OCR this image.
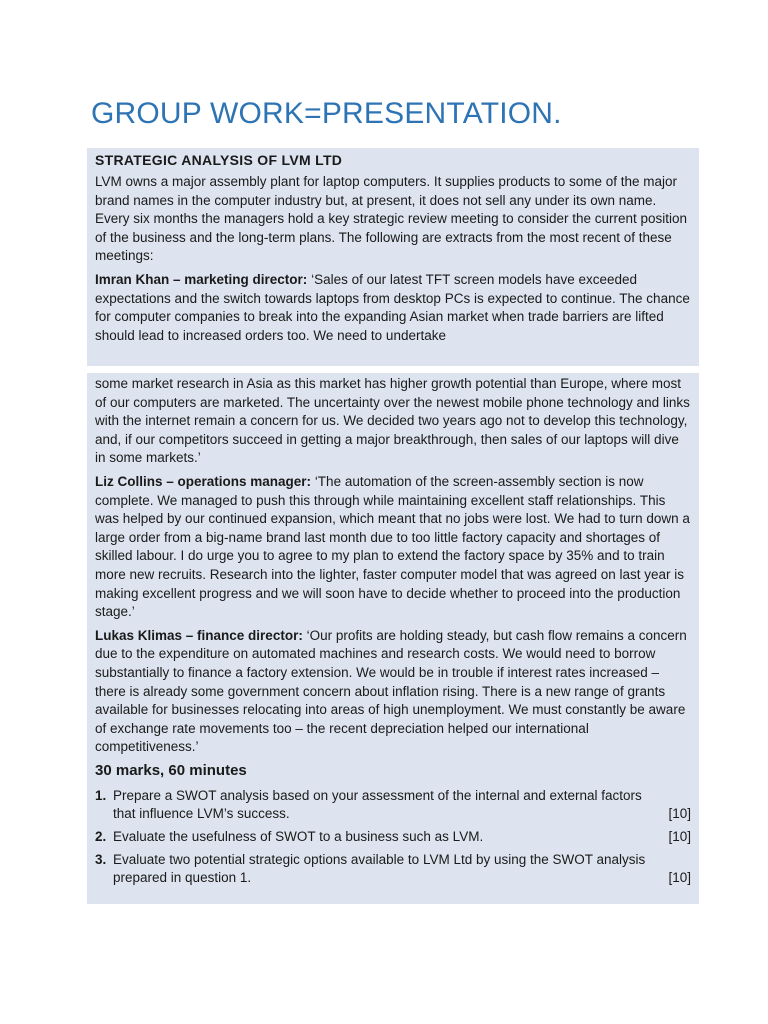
GROUP WORK=PRESENTATION.
STRATEGIC ANALYSIS OF LVM LTD

LVM owns a major assembly plant for laptop computers. It supplies products to some of the major brand names in the computer industry but, at present, it does not sell any under its own name. Every six months the managers hold a key strategic review meeting to consider the current position of the business and the long-term plans. The following are extracts from the most recent of these meetings:

Imran Khan – marketing director: ‘Sales of our latest TFT screen models have exceeded expectations and the switch towards laptops from desktop PCs is expected to continue. The chance for computer companies to break into the expanding Asian market when trade barriers are lifted should lead to increased orders too. We need to undertake

some market research in Asia as this market has higher growth potential than Europe, where most of our computers are marketed. The uncertainty over the newest mobile phone technology and links with the internet remain a concern for us. We decided two years ago not to develop this technology, and, if our competitors succeed in getting a major breakthrough, then sales of our laptops will dive in some markets.’

Liz Collins – operations manager: ‘The automation of the screen-assembly section is now complete. We managed to push this through while maintaining excellent staff relationships. This was helped by our continued expansion, which meant that no jobs were lost. We had to turn down a large order from a big-name brand last month due to too little factory capacity and shortages of skilled labour. I do urge you to agree to my plan to extend the factory space by 35% and to train more new recruits. Research into the lighter, faster computer model that was agreed on last year is making excellent progress and we will soon have to decide whether to proceed into the production stage.’

Lukas Klimas – finance director: ‘Our profits are holding steady, but cash flow remains a concern due to the expenditure on automated machines and research costs. We would need to borrow substantially to finance a factory extension. We would be in trouble if interest rates increased – there is already some government concern about inflation rising. There is a new range of grants available for businesses relocating into areas of high unemployment. We must constantly be aware of exchange rate movements too – the recent depreciation helped our international competitiveness.’

30 marks, 60 minutes
1. Prepare a SWOT analysis based on your assessment of the internal and external factors that influence LVM’s success.	[10]
2. Evaluate the usefulness of SWOT to a business such as LVM.	[10]
3. Evaluate two potential strategic options available to LVM Ltd by using the SWOT analysis prepared in question 1.	[10]
